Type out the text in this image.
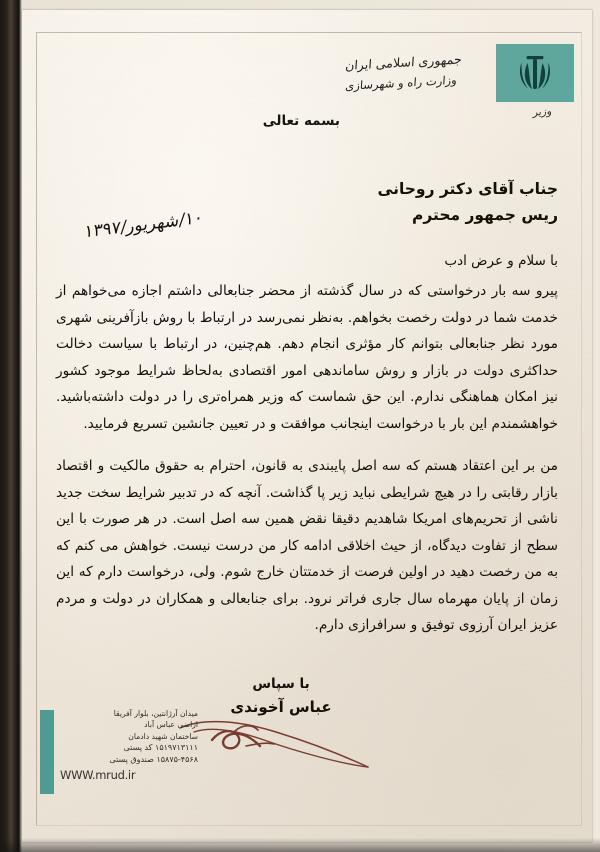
جمهوری اسلامی ایران
وزارت راه و شهرسازی
وزیر
بسمه تعالی
جناب آقای دکتر روحانی
ریس جمهور محترم
۱۰/شهریور/۱۳۹۷

با سلام و عرض ادب

پیرو سه بار درخواستی که در سال گذشته از محضر جنابعالی داشتم اجازه می‌خواهم از خدمت شما در دولت رخصت بخواهم. به‌نظر نمی‌رسد در ارتباط با روش بازآفرینی شهری مورد نظر جنابعالی بتوانم کار مؤثری انجام دهم. هم‌چنین، در ارتباط با سیاست دخالت حداکثری دولت در بازار و روش ساماندهی امور اقتصادی به‌لحاظ شرایط موجود کشور نیز امکان هماهنگی ندارم. این حق شماست که وزیر همراه‌تری را در دولت داشته‌باشید. خواهشمندم این بار با درخواست اینجانب موافقت و در تعیین جانشین تسریع فرمایید.

من بر این اعتقاد هستم که سه اصل پایبندی به قانون، احترام به حقوق مالکیت و اقتصاد بازار رقابتی را در هیچ شرایطی نباید زیر پا گذاشت. آنچه که در تدبیر شرایط سخت جدید ناشی از تحریم‌های امریکا شاهدیم دقیقا نقض همین سه اصل است. در هر صورت با این سطح از تفاوت دیدگاه، از حیث اخلاقی ادامه کار من درست نیست. خواهش می کنم که به من رخصت دهید در اولین فرصت از خدمتتان خارج شوم. ولی، درخواست دارم که این زمان از پایان مهرماه سال جاری فراتر نرود. برای جنابعالی و همکاران در دولت و مردم عزیز ایران آرزوی توفیق و سرافرازی دارم.

با سپاس
عباس آخوندی
میدان آرژانتین، بلوار آفریقا
اراضی عباس آباد
ساختمان شهید دادمان
۱۵۱۹۷۱۳۱۱۱ کد پستی
۱۵۸۷۵-۴۵۶۸ صندوق پستی
WWW.mrud.ir
